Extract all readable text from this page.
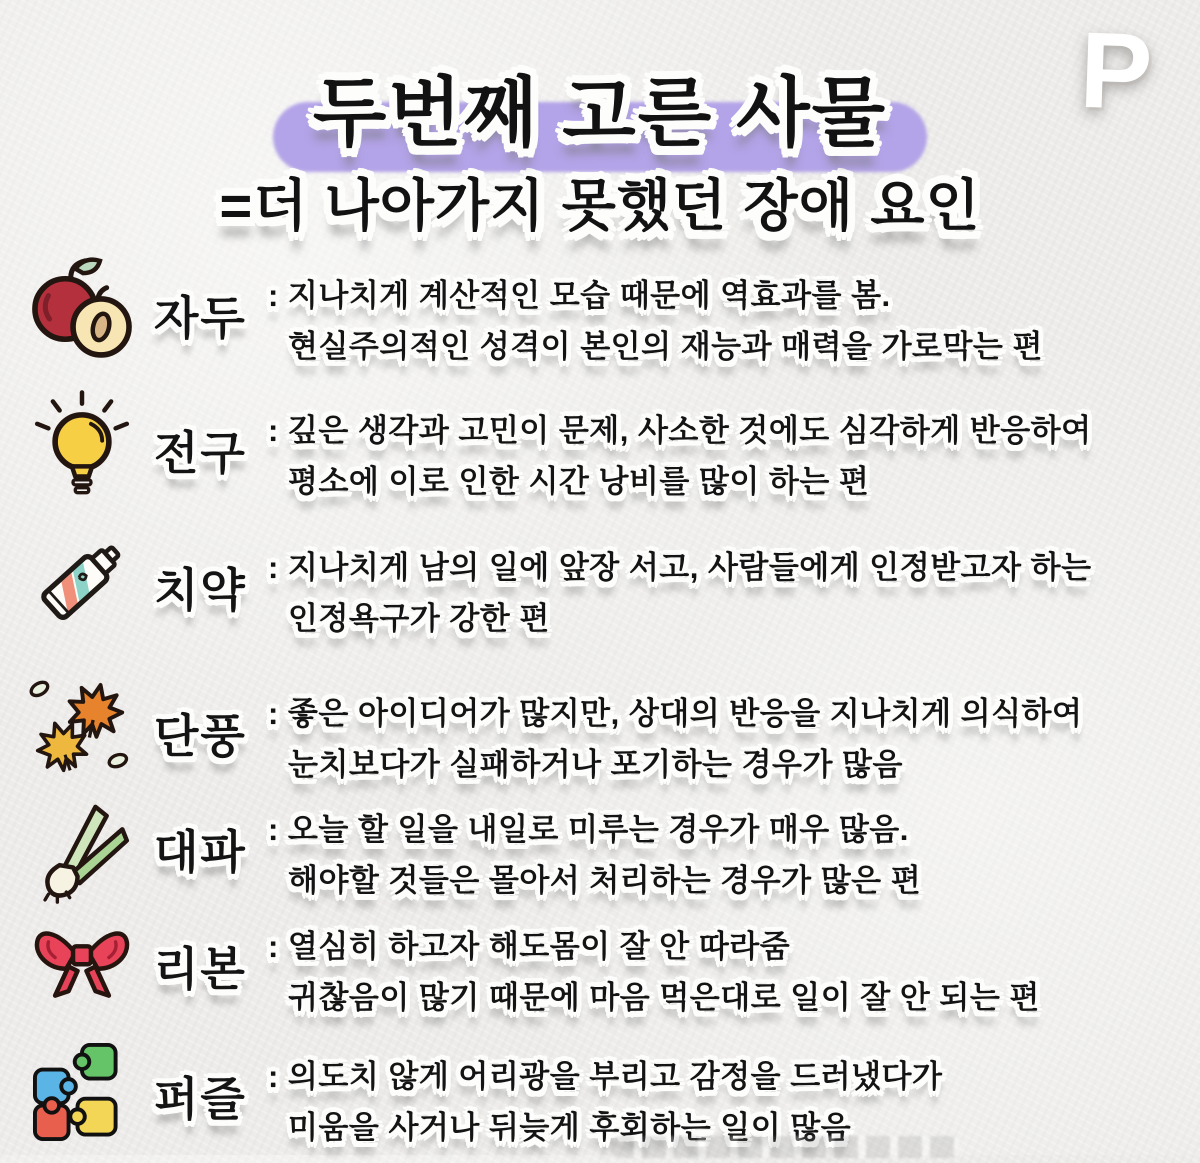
P
두번째 고른 사물
=더 나아가지 못했던 장애 요인
자두 : 지나치게 계산적인 모습 때문에 역효과를 봄.
현실주의적인 성격이 본인의 재능과 매력을 가로막는 편
전구 : 깊은 생각과 고민이 문제, 사소한 것에도 심각하게 반응하여
평소에 이로 인한 시간 낭비를 많이 하는 편
치약 : 지나치게 남의 일에 앞장 서고, 사람들에게 인정받고자 하는
인정욕구가 강한 편
단풍 : 좋은 아이디어가 많지만, 상대의 반응을 지나치게 의식하여
눈치보다가 실패하거나 포기하는 경우가 많음
대파 : 오늘 할 일을 내일로 미루는 경우가 매우 많음.
해야할 것들은 몰아서 처리하는 경우가 많은 편
리본 : 열심히 하고자 해도몸이 잘 안 따라줌
귀찮음이 많기 때문에 마음 먹은대로 일이 잘 안 되는 편
퍼즐 : 의도치 않게 어리광을 부리고 감정을 드러냈다가
미움을 사거나 뒤늦게 후회하는 일이 많음
